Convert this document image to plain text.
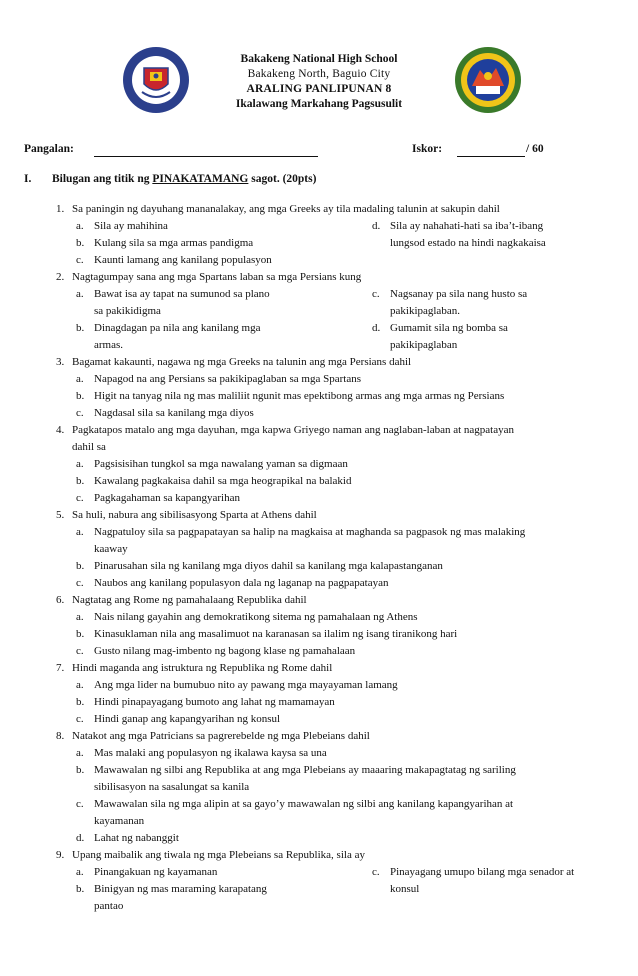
Bakakeng National High School
Bakakeng North, Baguio City
ARALING PANLIPUNAN 8
Ikalawang Markahang Pagsusulit
Pangalan:	Iskor:	/ 60
I. Bilugan ang titik ng PINAKATAMANG sagot. (20pts)
1. Sa paningin ng dayuhang mananalakay, ang mga Greeks ay tila madaling talunin at sakupin dahil
a. Sila ay mahihina
b. Kulang sila sa mga armas pandigma
c. Kaunti lamang ang kanilang populasyon
d. Sila ay nahahati-hati sa iba’t-ibang
lungsod estado na hindi nagkakaisa
2. Nagtagumpay sana ang mga Spartans laban sa mga Persians kung
a. Bawat isa ay tapat na sumunod sa plano
sa pakikidigma
b. Dinagdagan pa nila ang kanilang mga
armas.
c. Nagsanay pa sila nang husto sa
pakikipaglaban.
d. Gumamit sila ng bomba sa
pakikipaglaban
3. Bagamat kakaunti, nagawa ng mga Greeks na talunin ang mga Persians dahil
a. Napagod na ang Persians sa pakikipaglaban sa mga Spartans
b. Higit na tanyag nila ng mas maliliit ngunit mas epektibong armas ang mga armas ng Persians
c. Nagdasal sila sa kanilang mga diyos
4. Pagkatapos matalo ang mga dayuhan, mga kapwa Griyego naman ang naglaban-laban at nagpatayan
dahil sa
a. Pagsisisihan tungkol sa mga nawalang yaman sa digmaan
b. Kawalang pagkakaisa dahil sa mga heograpikal na balakid
c. Pagkagahaman sa kapangyarihan
5. Sa huli, nabura ang sibilisasyong Sparta at Athens dahil
a. Nagpatuloy sila sa pagpapatayan sa halip na magkaisa at maghanda sa pagpasok ng mas malaking
kaaway
b. Pinarusahan sila ng kanilang mga diyos dahil sa kanilang mga kalapastanganan
c. Naubos ang kanilang populasyon dala ng laganap na pagpapatayan
6. Nagtatag ang Rome ng pamahalaang Republika dahil
a. Nais nilang gayahin ang demokratikong sitema ng pamahalaan ng Athens
b. Kinasuklaman nila ang masalimuot na karanasan sa ilalim ng isang tiranikong hari
c. Gusto nilang mag-imbento ng bagong klase ng pamahalaan
7. Hindi maganda ang istruktura ng Republika ng Rome dahil
a. Ang mga lider na bumubuo nito ay pawang mga mayayaman lamang
b. Hindi pinapayagang bumoto ang lahat ng mamamayan
c. Hindi ganap ang kapangyarihan ng konsul
8. Natakot ang mga Patricians sa pagrerebelde ng mga Plebeians dahil
a. Mas malaki ang populasyon ng ikalawa kaysa sa una
b. Mawawalan ng silbi ang Republika at ang mga Plebeians ay maaaring makapagtatag ng sariling
sibilisasyon na sasalungat sa kanila
c. Mawawalan sila ng mga alipin at sa gayo’y mawawalan ng silbi ang kanilang kapangyarihan at
kayamanan
d. Lahat ng nabanggit
9. Upang maibalik ang tiwala ng mga Plebeians sa Republika, sila ay
a. Pinangakuan ng kayamanan
b. Binigyan ng mas maraming karapatang
pantao
c. Pinayagang umupo bilang mga senador at
konsul
